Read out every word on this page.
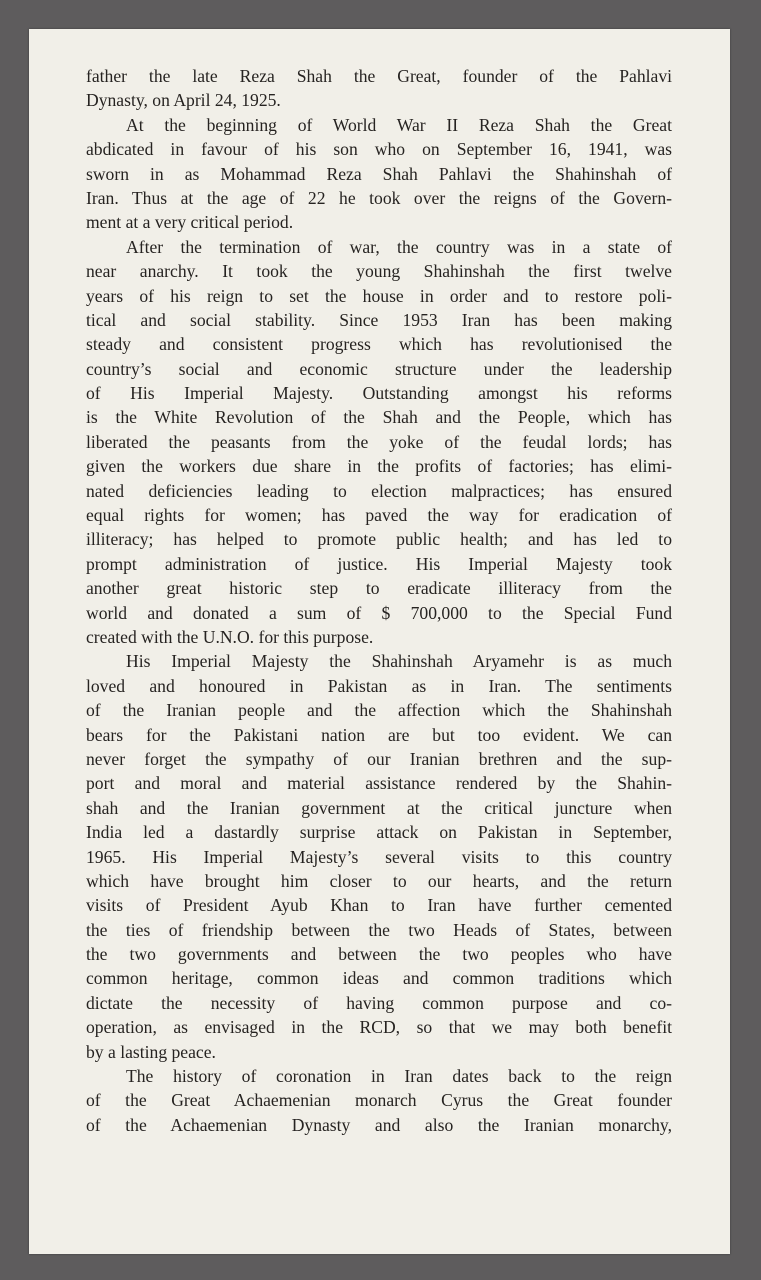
father the late Reza Shah the Great, founder of the Pahlavi
Dynasty, on April 24, 1925.
At the beginning of World War II Reza Shah the Great
abdicated in favour of his son who on September 16, 1941, was
sworn in as Mohammad Reza Shah Pahlavi the Shahinshah of
Iran. Thus at the age of 22 he took over the reigns of the Govern-
ment at a very critical period.
After the termination of war, the country was in a state of
near anarchy. It took the young Shahinshah the first twelve
years of his reign to set the house in order and to restore poli-
tical and social stability. Since 1953 Iran has been making
steady and consistent progress which has revolutionised the
country’s social and economic structure under the leadership
of His Imperial Majesty. Outstanding amongst his reforms
is the White Revolution of the Shah and the People, which has
liberated the peasants from the yoke of the feudal lords; has
given the workers due share in the profits of factories; has elimi-
nated deficiencies leading to election malpractices; has ensured
equal rights for women; has paved the way for eradication of
illiteracy; has helped to promote public health; and has led to
prompt administration of justice. His Imperial Majesty took
another great historic step to eradicate illiteracy from the
world and donated a sum of $ 700,000 to the Special Fund
created with the U.N.O. for this purpose.
His Imperial Majesty the Shahinshah Aryamehr is as much
loved and honoured in Pakistan as in Iran. The sentiments
of the Iranian people and the affection which the Shahinshah
bears for the Pakistani nation are but too evident. We can
never forget the sympathy of our Iranian brethren and the sup-
port and moral and material assistance rendered by the Shahin-
shah and the Iranian government at the critical juncture when
India led a dastardly surprise attack on Pakistan in September,
1965. His Imperial Majesty’s several visits to this country
which have brought him closer to our hearts, and the return
visits of President Ayub Khan to Iran have further cemented
the ties of friendship between the two Heads of States, between
the two governments and between the two peoples who have
common heritage, common ideas and common traditions which
dictate the necessity of having common purpose and co-
operation, as envisaged in the RCD, so that we may both benefit
by a lasting peace.
The history of coronation in Iran dates back to the reign
of the Great Achaemenian monarch Cyrus the Great founder
of the Achaemenian Dynasty and also the Iranian monarchy,
